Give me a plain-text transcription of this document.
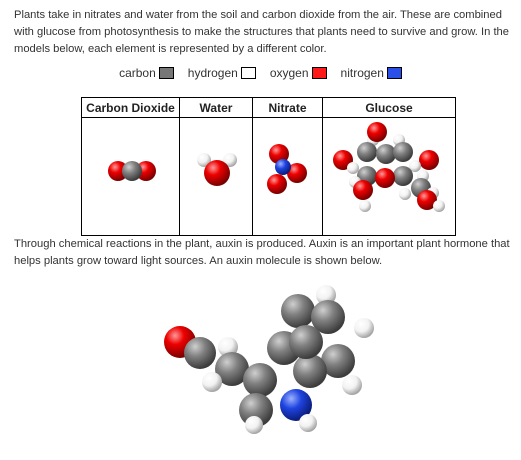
Plants take in nitrates and water from the soil and carbon dioxide from the air. These are combined with glucose from photosynthesis to make the structures that plants need to survive and grow. In the models below, each element is represented by a different color.

carbon	hydrogen	oxygen	nitrogen
Carbon Dioxide	Water	Nitrate	Glucose

Through chemical reactions in the plant, auxin is produced. Auxin is an important plant hormone that helps plants grow toward light sources. An auxin molecule is shown below.
